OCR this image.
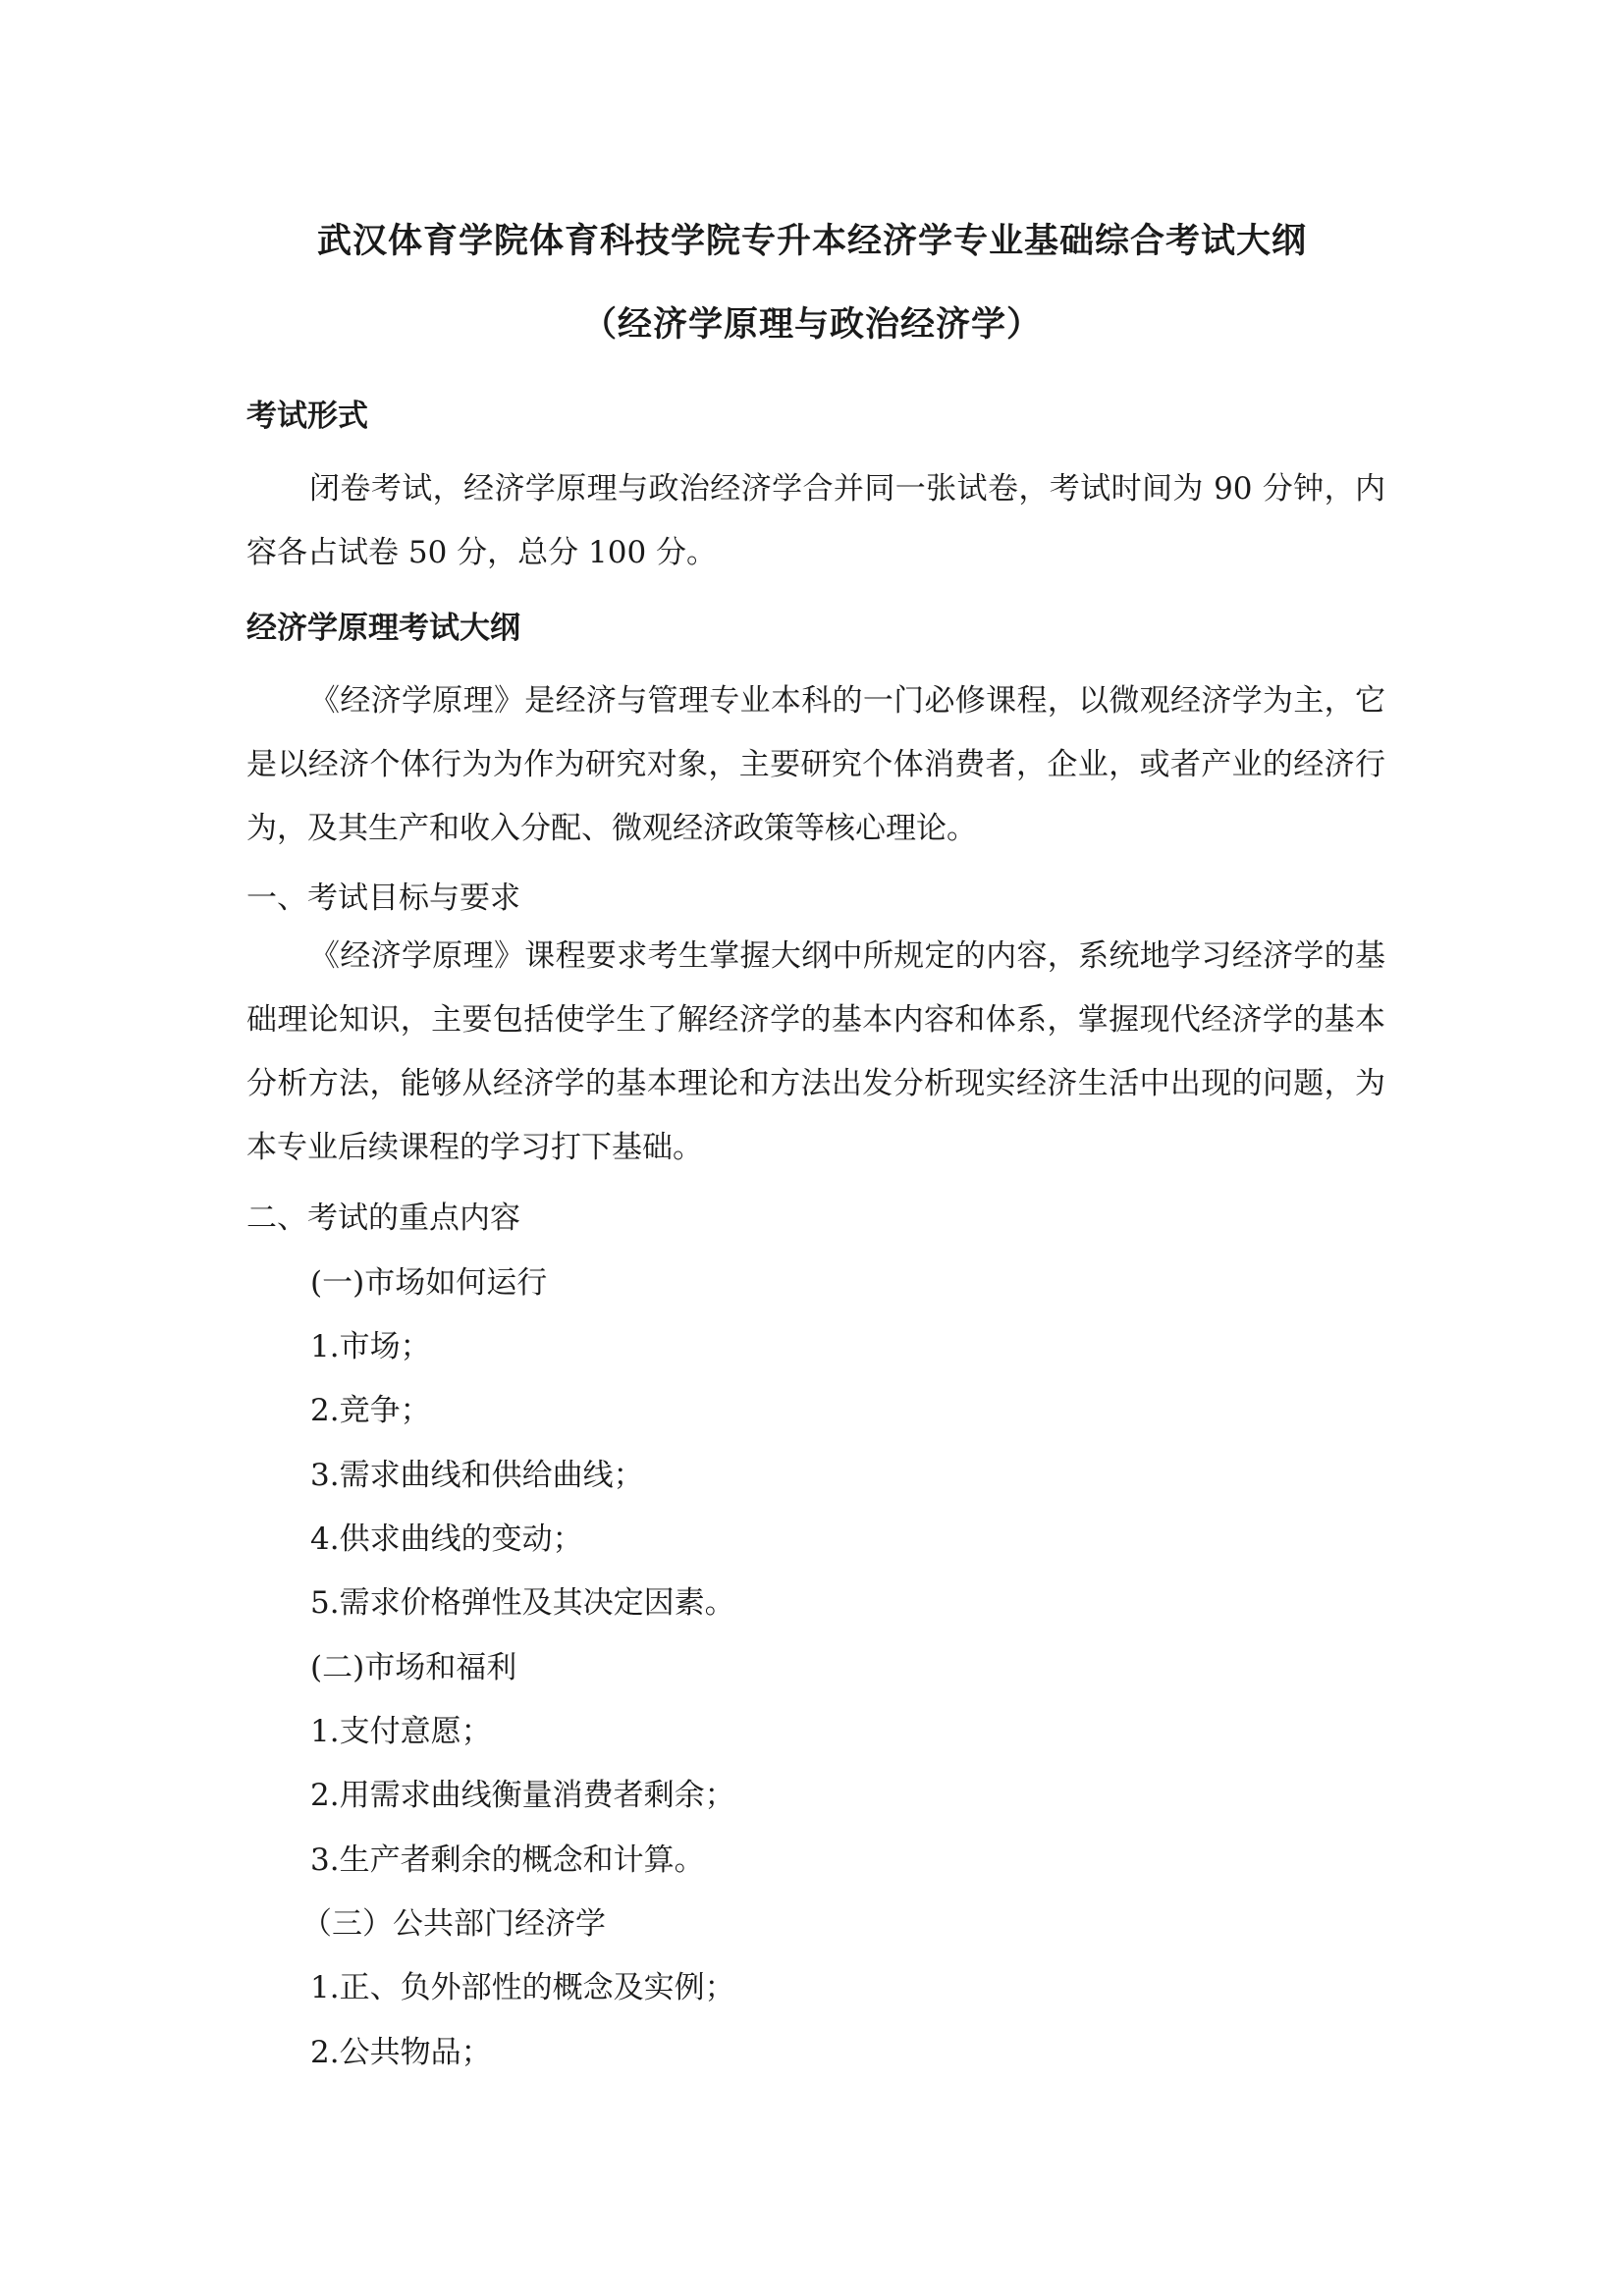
武汉体育学院体育科技学院专升本经济学专业基础综合考试大纲
（经济学原理与政治经济学）
考试形式

闭卷考试，经济学原理与政治经济学合并同一张试卷，考试时间为 90 分钟，内容各占试卷 50 分，总分 100 分。

经济学原理考试大纲

《经济学原理》是经济与管理专业本科的一门必修课程，以微观经济学为主，它是以经济个体行为为作为研究对象，主要研究个体消费者，企业，或者产业的经济行为，及其生产和收入分配、微观经济政策等核心理论。

一、考试目标与要求

《经济学原理》课程要求考生掌握大纲中所规定的内容，系统地学习经济学的基础理论知识，主要包括使学生了解经济学的基本内容和体系，掌握现代经济学的基本分析方法，能够从经济学的基本理论和方法出发分析现实经济生活中出现的问题，为本专业后续课程的学习打下基础。

二、考试的重点内容

(一)市场如何运行

1.市场；

2.竞争；

3.需求曲线和供给曲线；

4.供求曲线的变动；

5.需求价格弹性及其决定因素。

(二)市场和福利

1.支付意愿；

2.用需求曲线衡量消费者剩余；

3.生产者剩余的概念和计算。

（三）公共部门经济学

1.正、负外部性的概念及实例；

2.公共物品；
